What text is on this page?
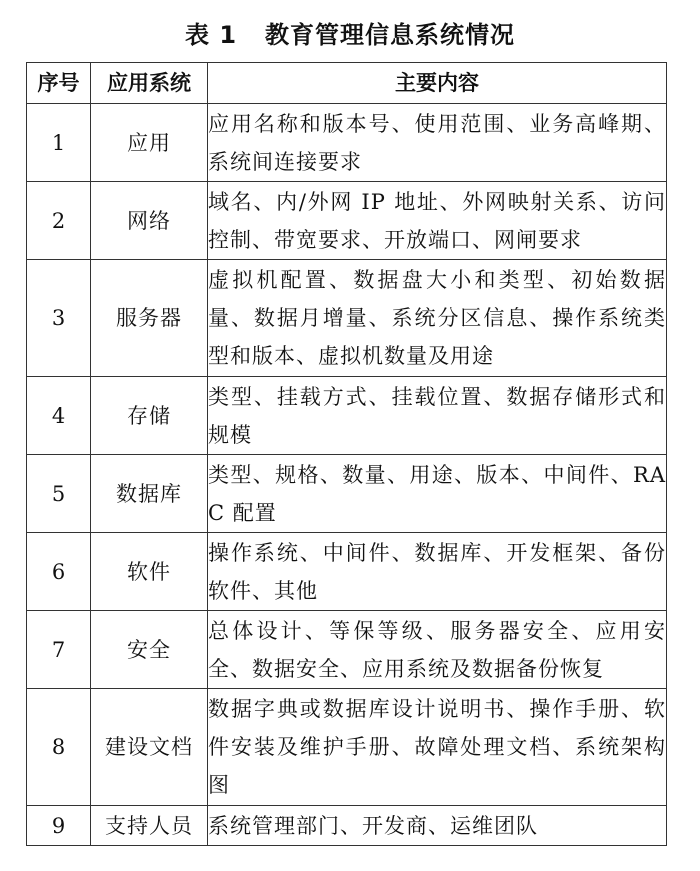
表 1 教育管理信息系统情况
序号	应用系统	主要内容
1	应用	应用名称和版本号、使用范围、业务高峰期、系统间连接要求
2	网络	域名、内/外网 IP 地址、外网映射关系、访问控制、带宽要求、开放端口、网闸要求
3	服务器	虚拟机配置、数据盘大小和类型、初始数据量、数据月增量、系统分区信息、操作系统类型和版本、虚拟机数量及用途
4	存储	类型、挂载方式、挂载位置、数据存储形式和规模
5	数据库	类型、规格、数量、用途、版本、中间件、RAC 配置
6	软件	操作系统、中间件、数据库、开发框架、备份软件、其他
7	安全	总体设计、等保等级、服务器安全、应用安全、数据安全、应用系统及数据备份恢复
8	建设文档	数据字典或数据库设计说明书、操作手册、软件安装及维护手册、故障处理文档、系统架构图
9	支持人员	系统管理部门、开发商、运维团队
